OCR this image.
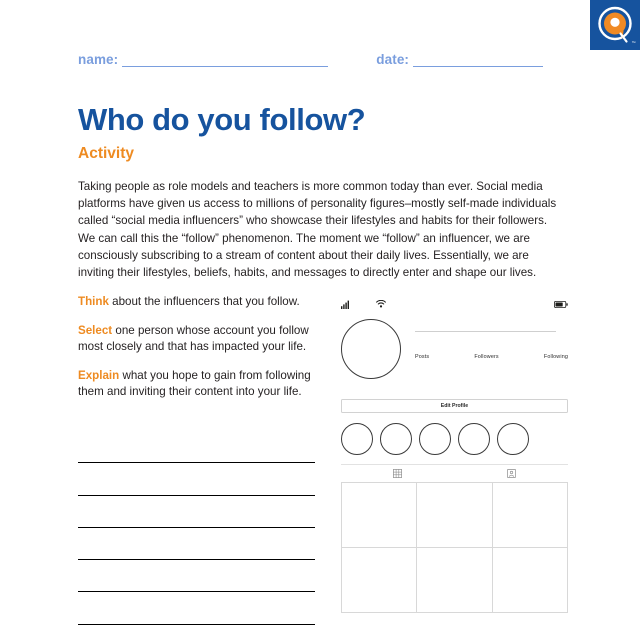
™
name:	date:
Who do you follow?
Activity

Taking people as role models and teachers is more common today than ever. Social media platforms have given us access to millions of personality figures–mostly self-made individuals called “social media influencers” who showcase their lifestyles and habits for their followers. We can call this the “follow” phenomenon. The moment we “follow” an influencer, we are consciously subscribing to a stream of content about their daily lives. Essentially, we are inviting their lifestyles, beliefs, habits, and messages to directly enter and shape our lives.

Think about the influencers that you follow.

Select one person whose account you follow most closely and that has impacted your life.

Explain what you hope to gain from following them and inviting their content into your life.

Posts	Followers	Following
Edit Profile
